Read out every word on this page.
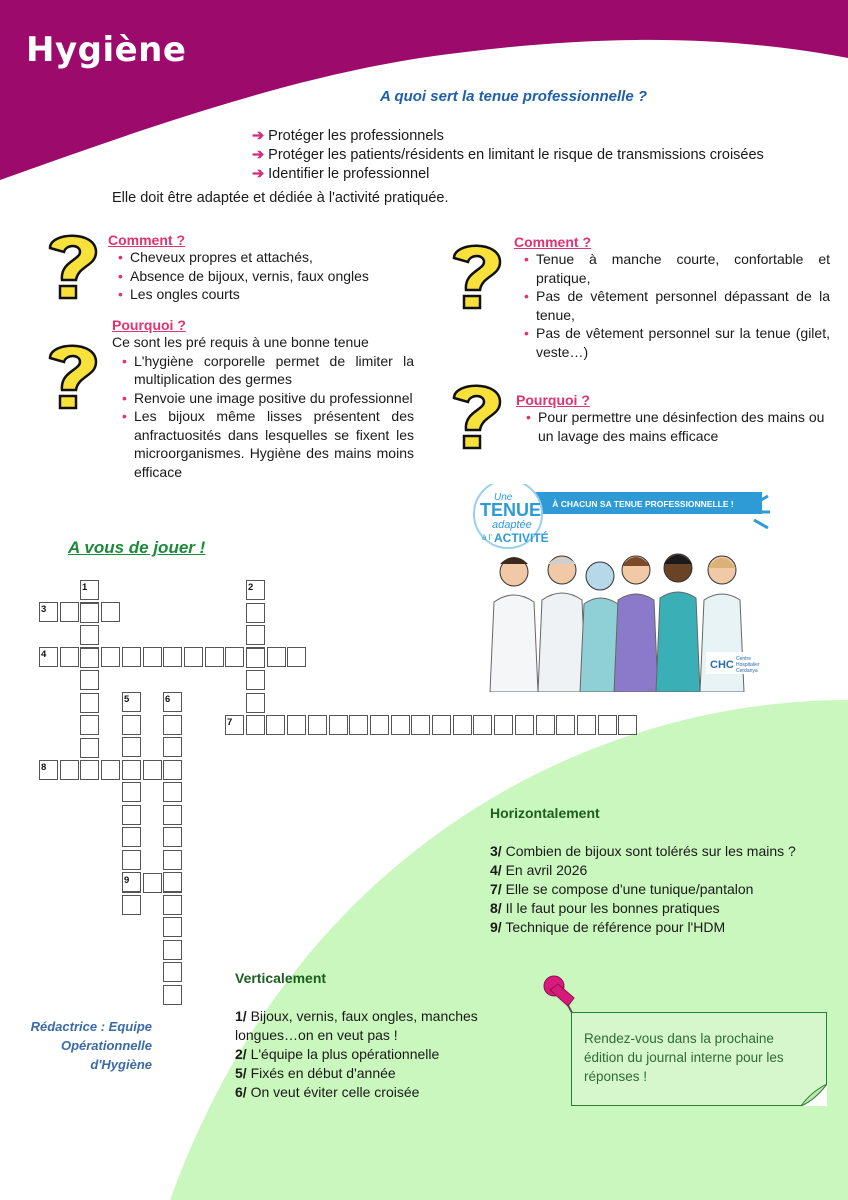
Hygiène
A quoi sert la tenue professionnelle ?
➔ Protéger les professionnels
➔ Protéger les patients/résidents en limitant le risque de transmissions croisées
➔ Identifier le professionnel
Elle doit être adaptée et dédiée à l'activité pratiquée.
Comment ?
• Cheveux propres et attachés,
• Absence de bijoux, vernis, faux ongles
• Les ongles courts
Pourquoi ?
Ce sont les pré requis à une bonne tenue
• L'hygiène corporelle permet de limiter la multiplication des germes
• Renvoie une image positive du professionnel
• Les bijoux même lisses présentent des anfractuosités dans lesquelles se fixent les microorganismes. Hygiène des mains moins efficace
Comment ?
• Tenue à manche courte, confortable et pratique,
• Pas de vêtement personnel dépassant de la tenue,
• Pas de vêtement personnel sur la tenue (gilet, veste…)
Pourquoi ?
• Pour permettre une désinfection des mains ou un lavage des mains efficace
À CHACUN SA TENUE PROFESSIONNELLE !
Une
TENUE
adaptée
à l' ACTIVITÉ
CHC Centre
Hospitalier
Cerdanya
A vous de jouer !
1	2
3
4
5	6
7
8
9
Horizontalement
3/ Combien de bijoux sont tolérés sur les mains ?
4/ En avril 2026
7/ Elle se compose d'une tunique/pantalon
8/ Il le faut pour les bonnes pratiques
9/ Technique de référence pour l'HDM
Verticalement
1/ Bijoux, vernis, faux ongles, manches longues…on en veut pas !
2/ L'équipe la plus opérationnelle
5/ Fixés en début d'année
6/ On veut éviter celle croisée
Rédactrice : Equipe
Opérationnelle
d'Hygiène
Rendez-vous dans la prochaine édition du journal interne pour les réponses !
